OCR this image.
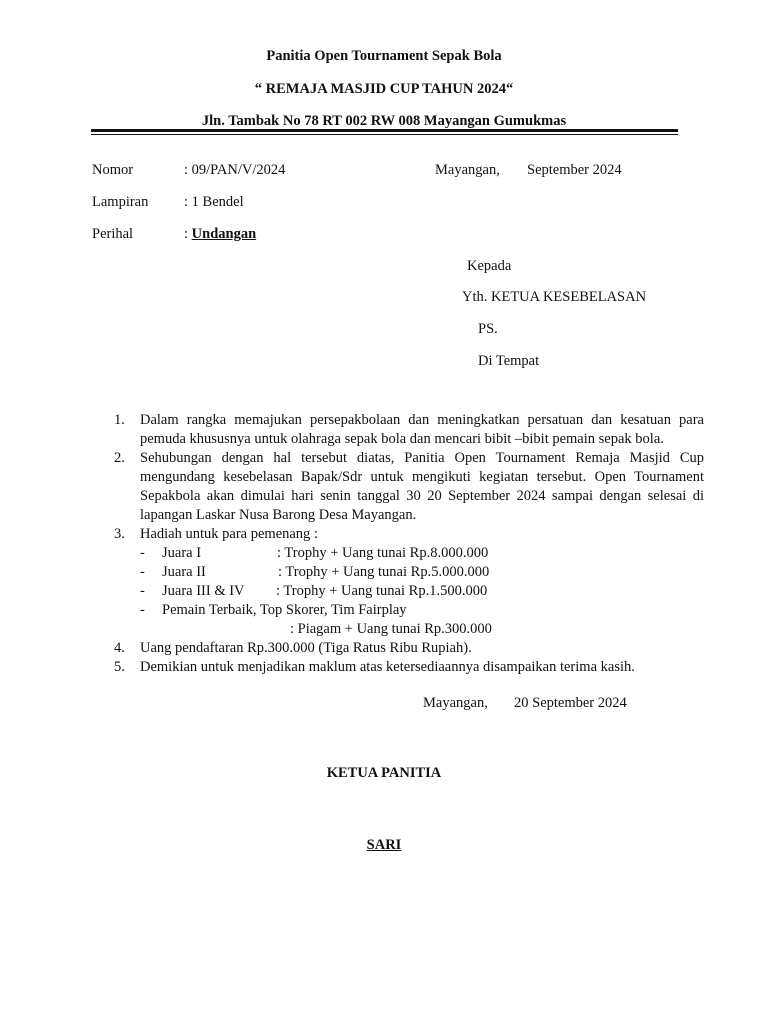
Panitia Open Tournament Sepak Bola
“ REMAJA MASJID CUP TAHUN 2024“
Jln. Tambak No 78 RT 002 RW 008 Mayangan Gumukmas
Nomor	: 09/PAN/V/2024	Mayangan, September 2024
Lampiran : 1 Bendel
Perihal	: Undangan
Kepada
Yth. KETUA KESEBELASAN
PS.
Di Tempat
1. Dalam rangka memajukan persepakbolaan dan meningkatkan persatuan dan kesatuan para
pemuda khususnya untuk olahraga sepak bola dan mencari bibit –bibit pemain sepak bola.
2. Sehubungan dengan hal tersebut diatas, Panitia Open Tournament Remaja Masjid Cup
mengundang kesebelasan Bapak/Sdr untuk mengikuti kegiatan tersebut. Open Tournament
Sepakbola akan dimulai hari senin tanggal 30 20 September 2024 sampai dengan selesai di
lapangan Laskar Nusa Barong Desa Mayangan.
3. Hadiah untuk para pemenang :
- Juara I	: Trophy + Uang tunai Rp.8.000.000
- Juara II	: Trophy + Uang tunai Rp.5.000.000
- Juara III & IV : Trophy + Uang tunai Rp.1.500.000
- Pemain Terbaik, Top Skorer, Tim Fairplay
: Piagam + Uang tunai Rp.300.000
4. Uang pendaftaran Rp.300.000 (Tiga Ratus Ribu Rupiah).
5. Demikian untuk menjadikan maklum atas ketersediaannya disampaikan terima kasih.
Mayangan, 20 September 2024
KETUA PANITIA
SARI
